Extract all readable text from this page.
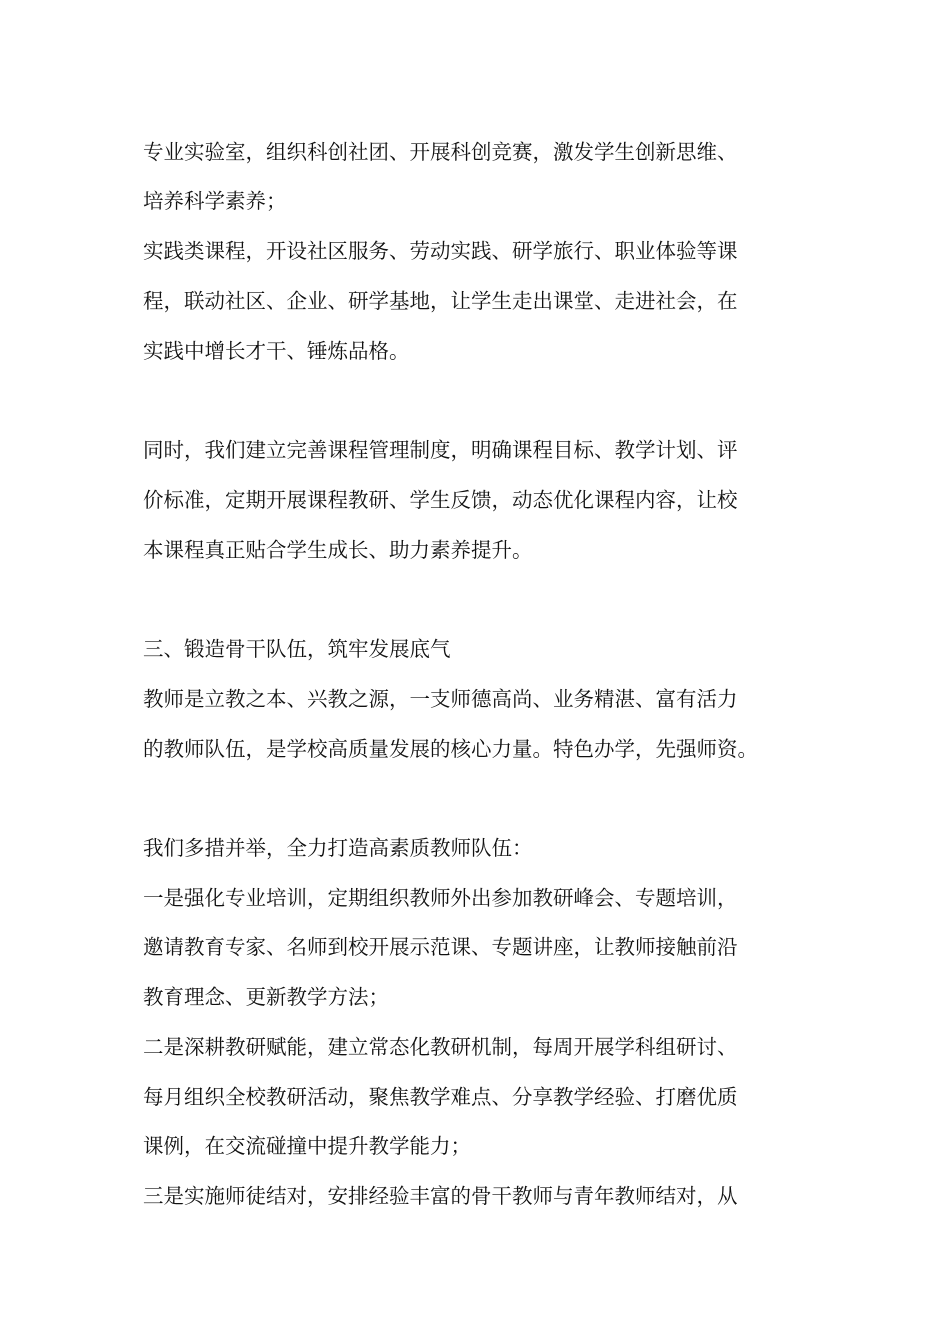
专业实验室，组织科创社团、开展科创竞赛，激发学生创新思维、
培养科学素养；
实践类课程，开设社区服务、劳动实践、研学旅行、职业体验等课
程，联动社区、企业、研学基地，让学生走出课堂、走进社会，在
实践中增长才干、锤炼品格。
同时，我们建立完善课程管理制度，明确课程目标、教学计划、评
价标准，定期开展课程教研、学生反馈，动态优化课程内容，让校
本课程真正贴合学生成长、助力素养提升。
三、锻造骨干队伍，筑牢发展底气
教师是立教之本、兴教之源，一支师德高尚、业务精湛、富有活力
的教师队伍，是学校高质量发展的核心力量。特色办学，先强师资。
我们多措并举，全力打造高素质教师队伍：
一是强化专业培训，定期组织教师外出参加教研峰会、专题培训，
邀请教育专家、名师到校开展示范课、专题讲座，让教师接触前沿
教育理念、更新教学方法；
二是深耕教研赋能，建立常态化教研机制，每周开展学科组研讨、
每月组织全校教研活动，聚焦教学难点、分享教学经验、打磨优质
课例，在交流碰撞中提升教学能力；
三是实施师徒结对，安排经验丰富的骨干教师与青年教师结对，从
